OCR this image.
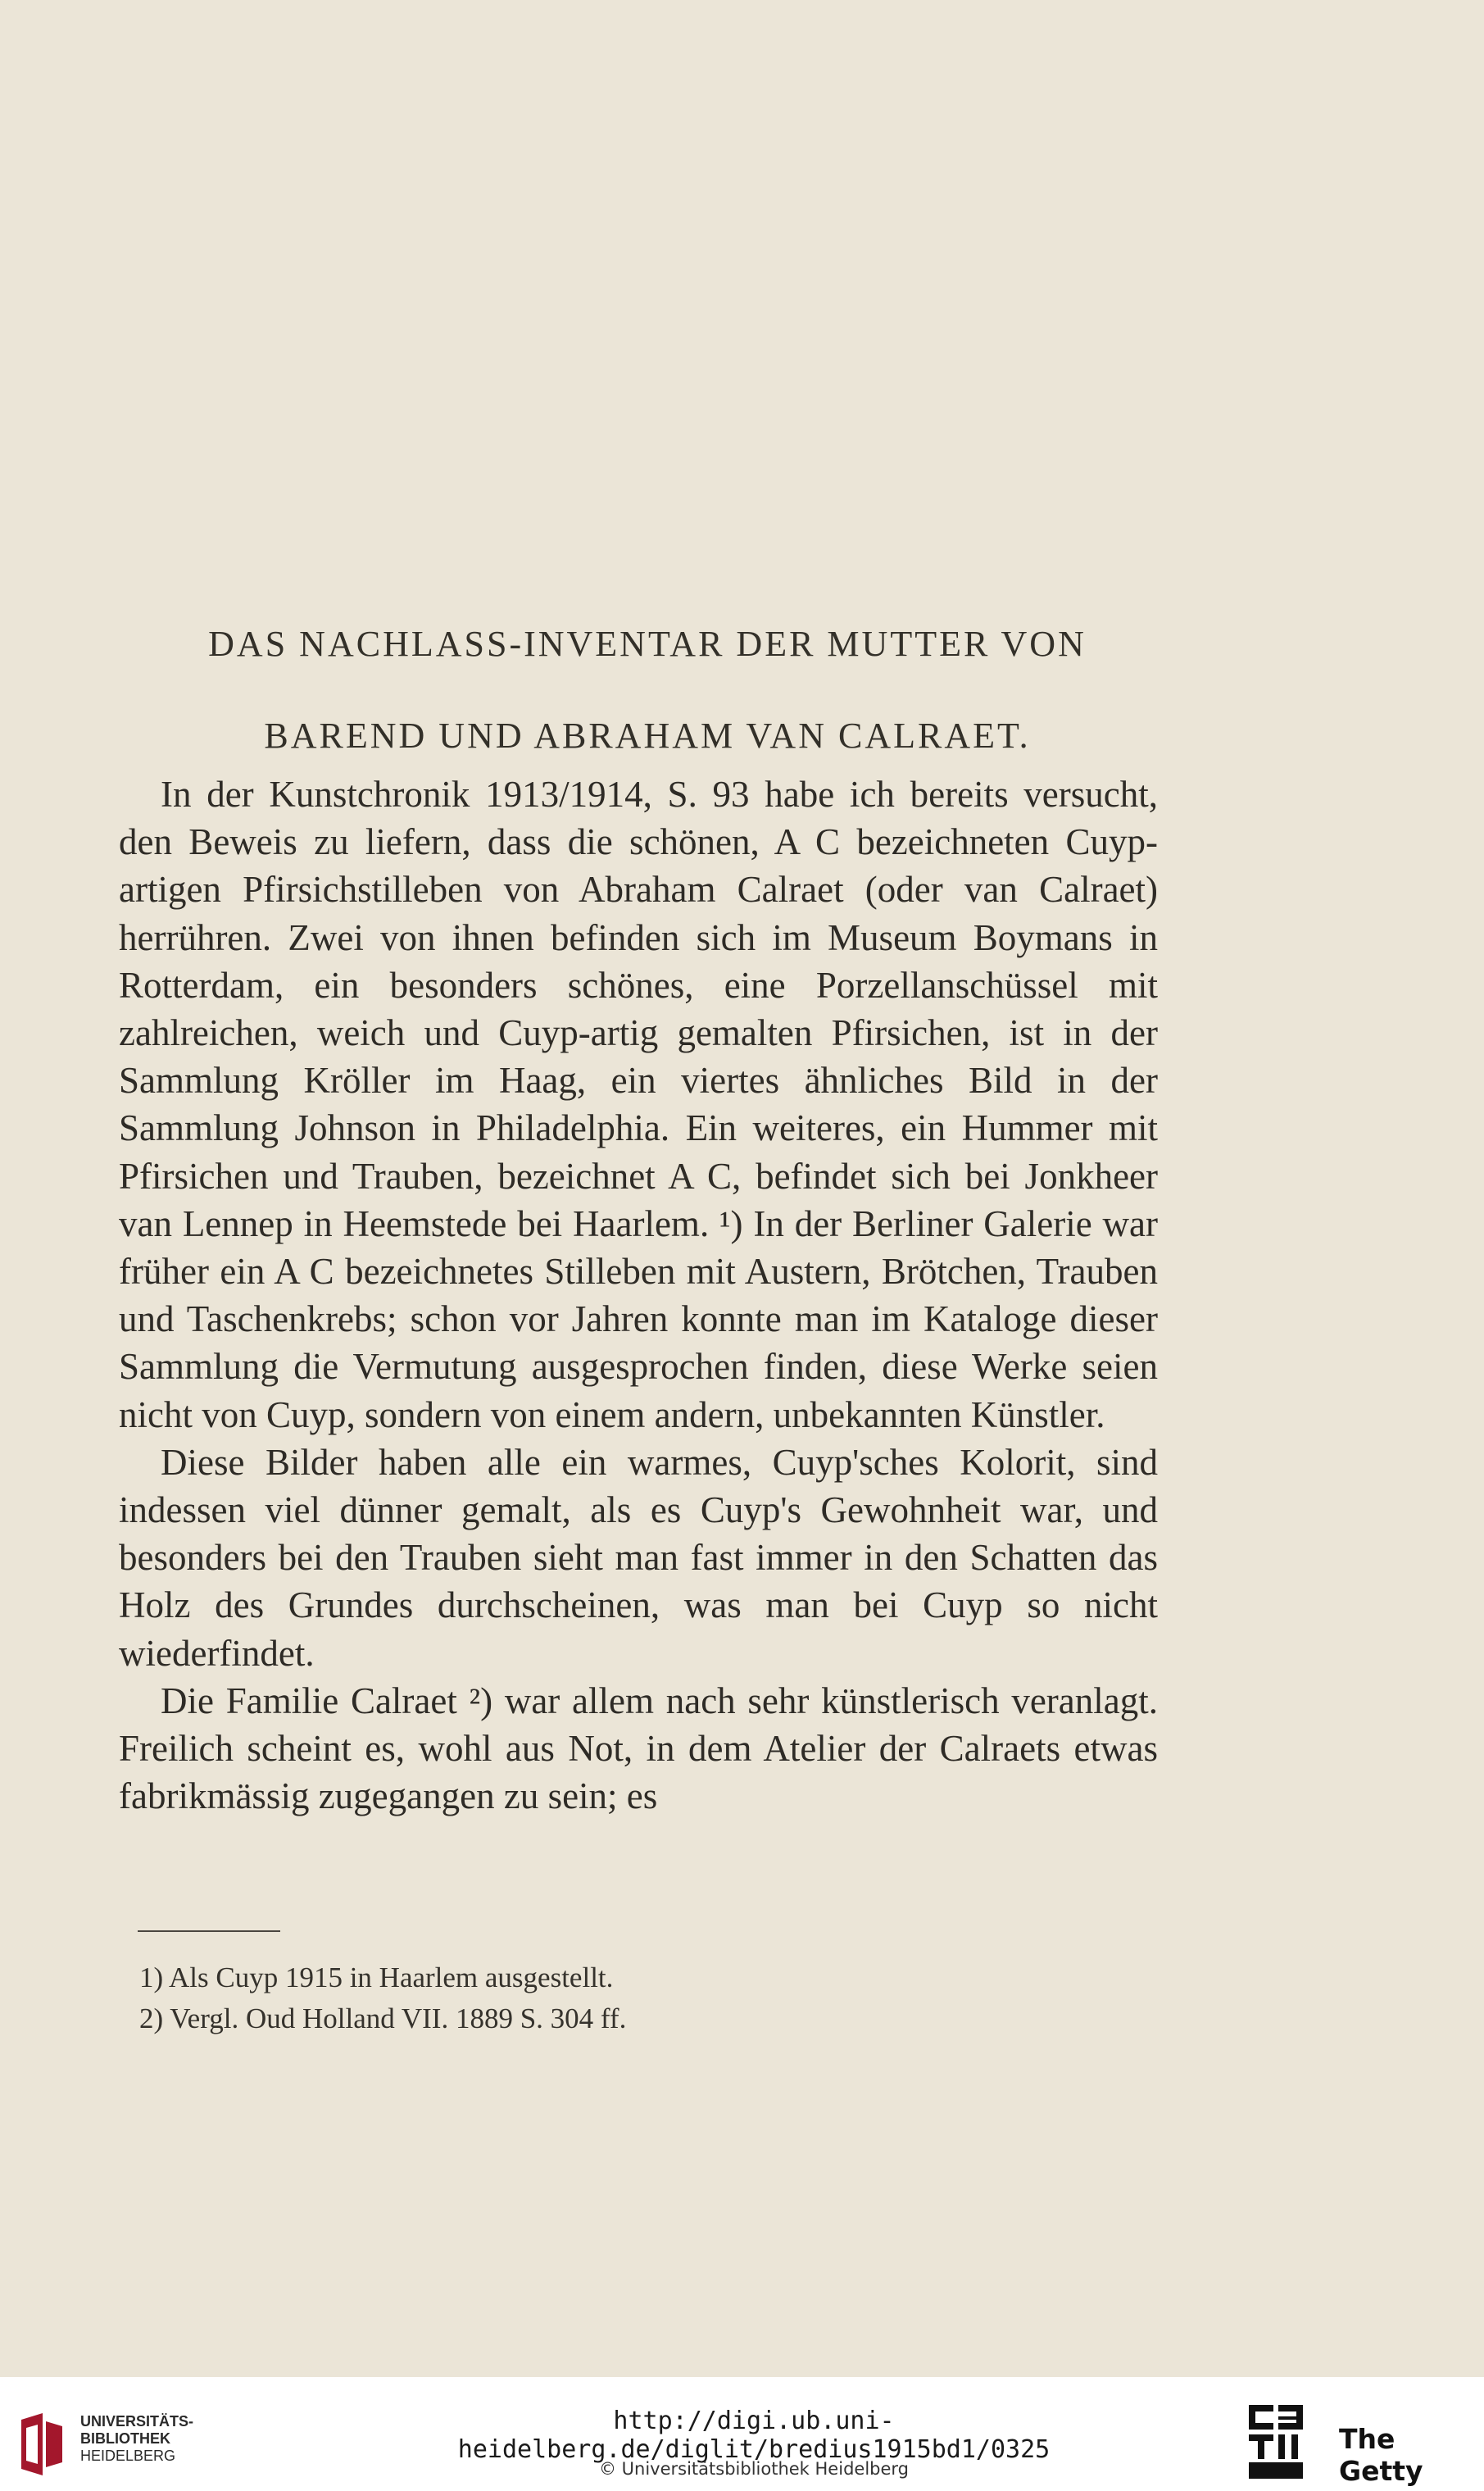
DAS NACHLASS-INVENTAR DER MUTTER VON
BAREND UND ABRAHAM VAN CALRAET.

In der Kunstchronik 1913/1914, S. 93 habe ich bereits versucht, den Beweis zu liefern, dass die schönen, A C bezeichneten Cuyp-artigen Pfirsichstilleben von Abraham Calraet (oder van Calraet) herrühren. Zwei von ihnen befinden sich im Museum Boymans in Rotterdam, ein besonders schönes, eine Porzellanschüssel mit zahlreichen, weich und Cuyp-artig gemalten Pfirsichen, ist in der Sammlung Kröller im Haag, ein viertes ähnliches Bild in der Sammlung Johnson in Philadelphia. Ein weiteres, ein Hummer mit Pfirsichen und Trauben, bezeichnet A C, befindet sich bei Jonkheer van Lennep in Heemstede bei Haarlem. ¹) In der Berliner Galerie war früher ein A C bezeichnetes Stilleben mit Austern, Brötchen, Trauben und Taschenkrebs; schon vor Jahren konnte man im Kataloge dieser Sammlung die Vermutung ausgesprochen finden, diese Werke seien nicht von Cuyp, sondern von einem andern, unbekannten Künstler.

Diese Bilder haben alle ein warmes, Cuyp'sches Kolorit, sind indessen viel dünner gemalt, als es Cuyp's Gewohnheit war, und besonders bei den Trauben sieht man fast immer in den Schatten das Holz des Grundes durchscheinen, was man bei Cuyp so nicht wiederfindet.

Die Familie Calraet ²) war allem nach sehr künstlerisch veranlagt. Freilich scheint es, wohl aus Not, in dem Atelier der Calraets etwas fabrikmässig zugegangen zu sein; es

1) Als Cuyp 1915 in Haarlem ausgestellt.
2) Vergl. Oud Holland VII. 1889 S. 304 ff.
UNIVERSITÄTS-
BIBLIOTHEK
HEIDELBERG
http://digi.ub.uni-heidelberg.de/diglit/bredius1915bd1/0325
© Universitätsbibliothek Heidelberg
The Getty
